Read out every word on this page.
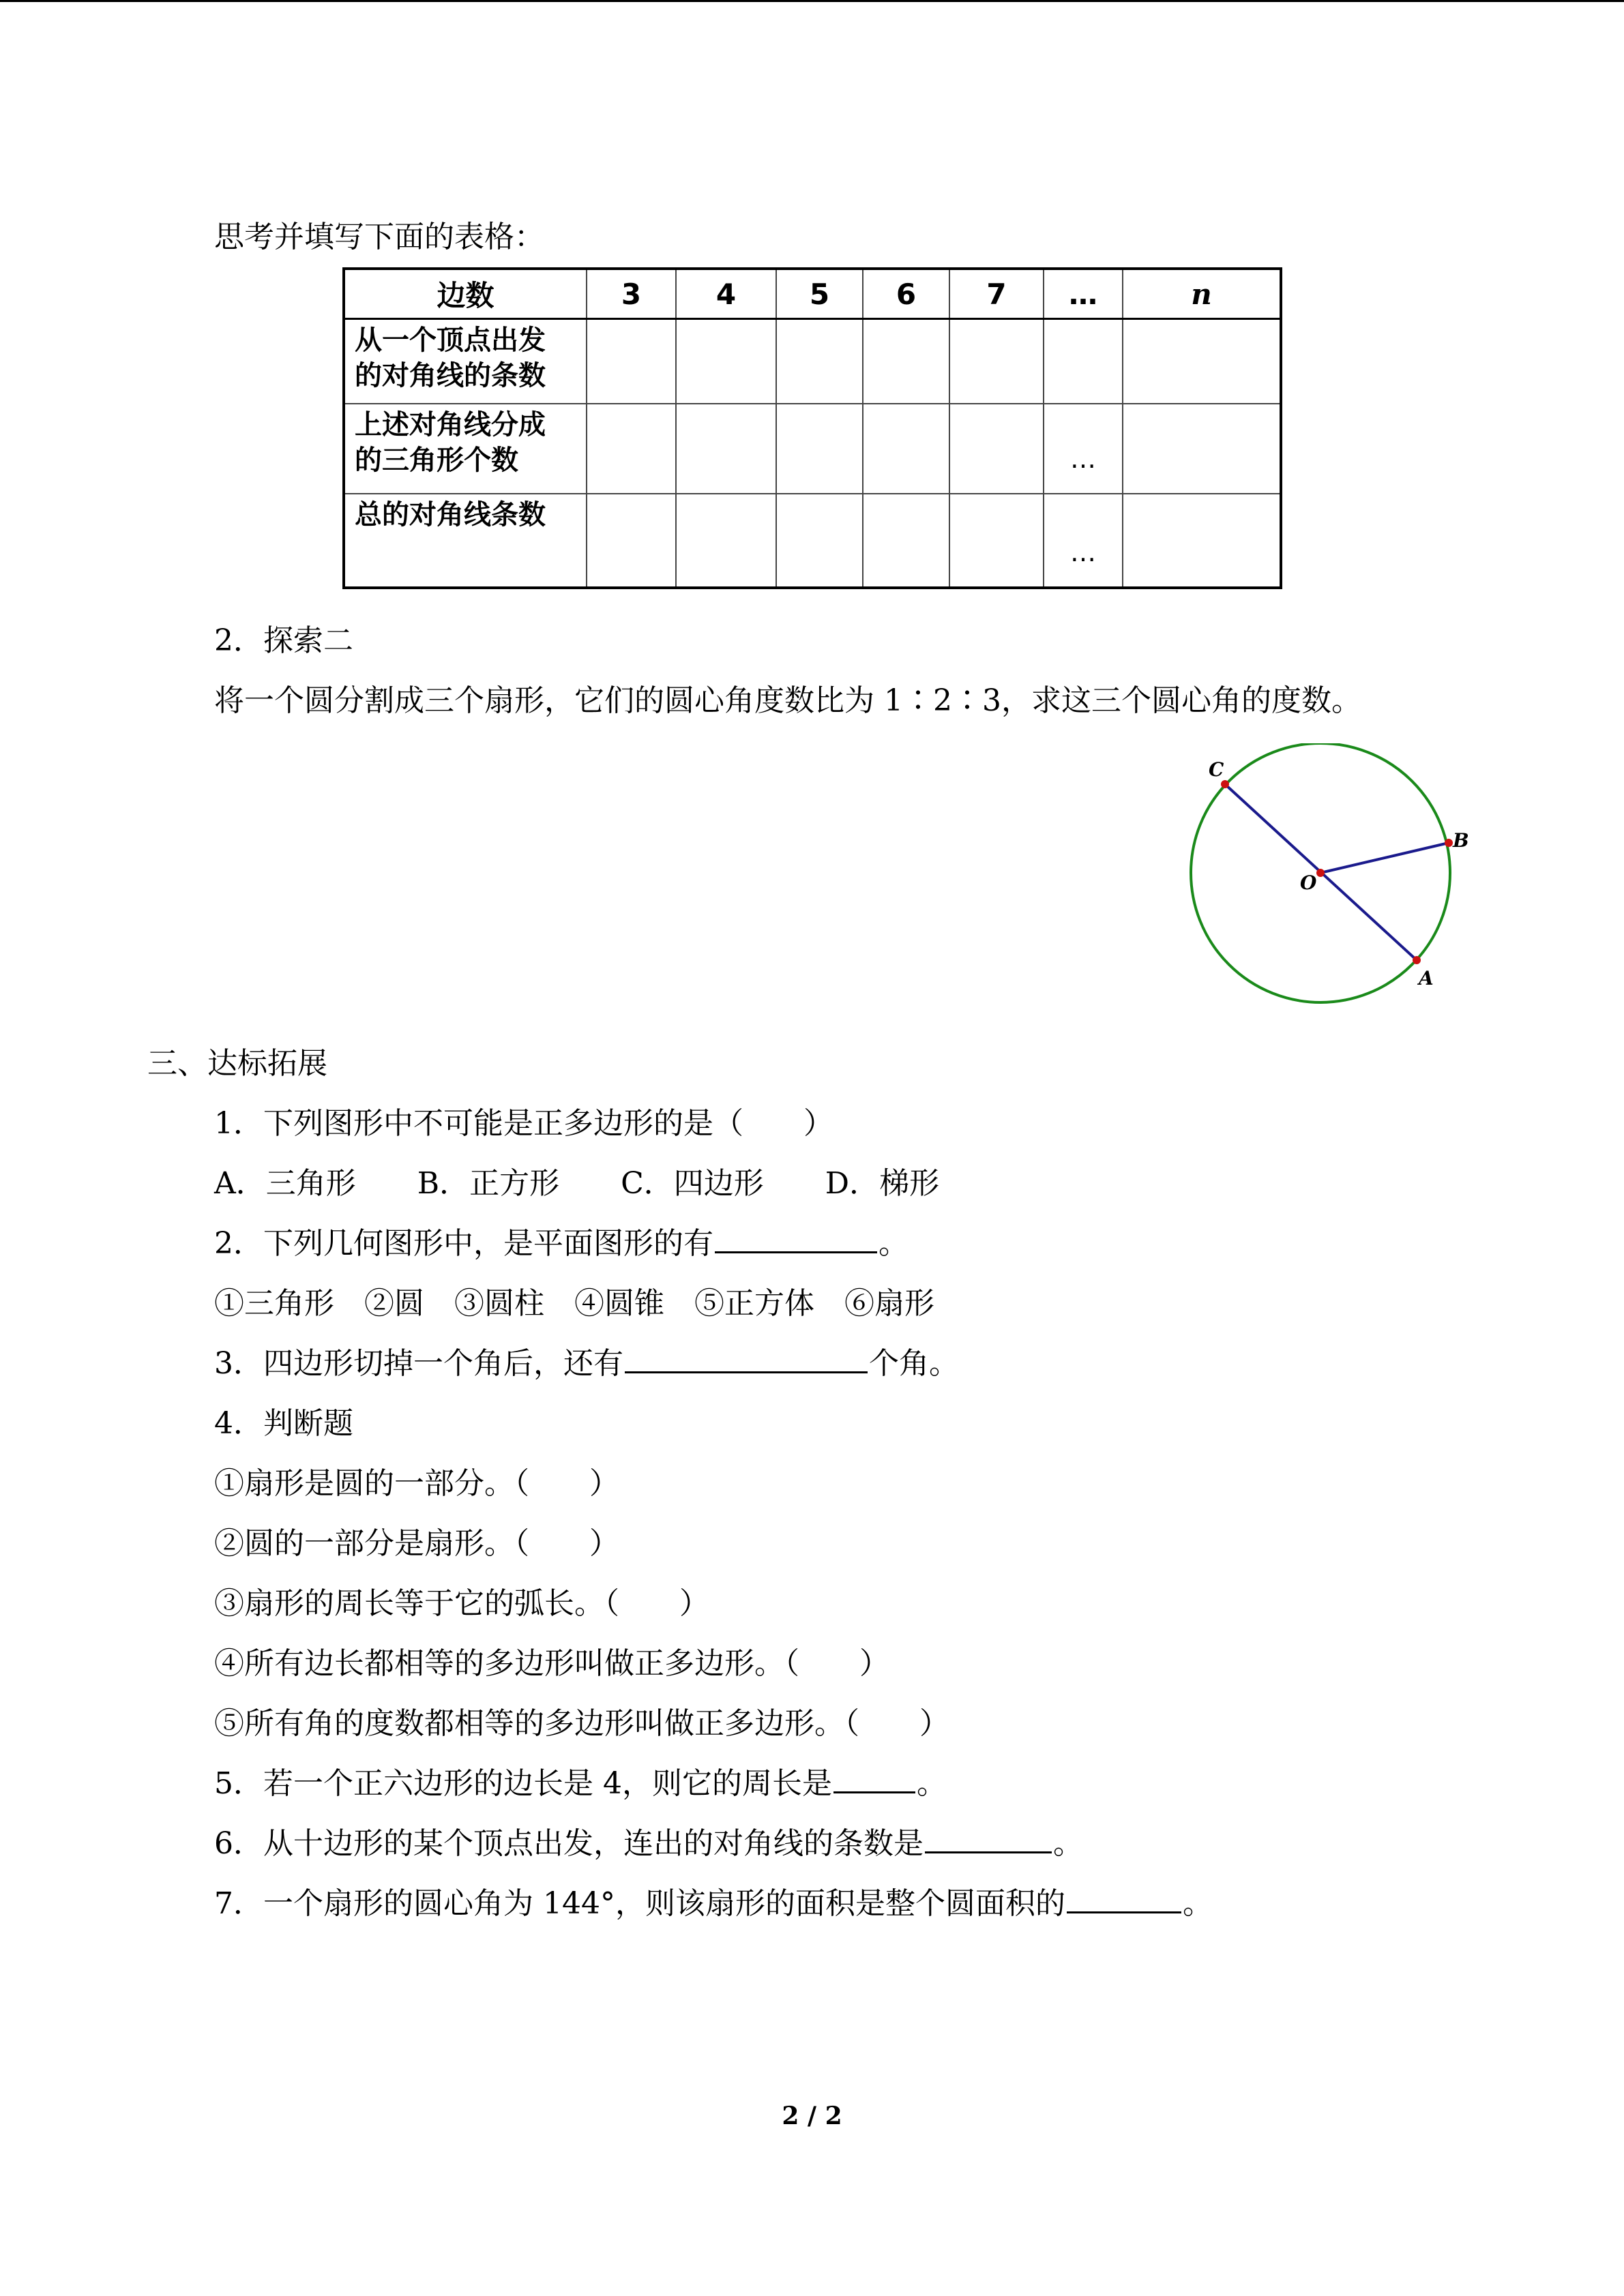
思考并填写下面的表格：
边数	3	4	5	6	7	…	n
从一个顶点出发
的对角线的条数							
上述对角线分成
的三角形个数						…	
总的对角线条数						…	
2．探索二
将一个圆分割成三个扇形，它们的圆心角度数比为 1∶2∶3，求这三个圆心角的度数。
C
B
O
A
三、达标拓展
1．下列图形中不可能是正多边形的是（　　）
A．三角形 B．正方形 C．四边形 D．梯形
2．下列几何图形中，是平面图形的有	。
①三角形　②圆　③圆柱　④圆锥　⑤正方体　⑥扇形
3．四边形切掉一个角后，还有	个角。
4．判断题
①扇形是圆的一部分。（　　）
②圆的一部分是扇形。（　　）
③扇形的周长等于它的弧长。（　　）
④所有边长都相等的多边形叫做正多边形。（　　）
⑤所有角的度数都相等的多边形叫做正多边形。（　　）
5．若一个正六边形的边长是 4，则它的周长是	。
6．从十边形的某个顶点出发，连出的对角线的条数是	。
7．一个扇形的圆心角为 144°，则该扇形的面积是整个圆面积的	。
2 / 2
